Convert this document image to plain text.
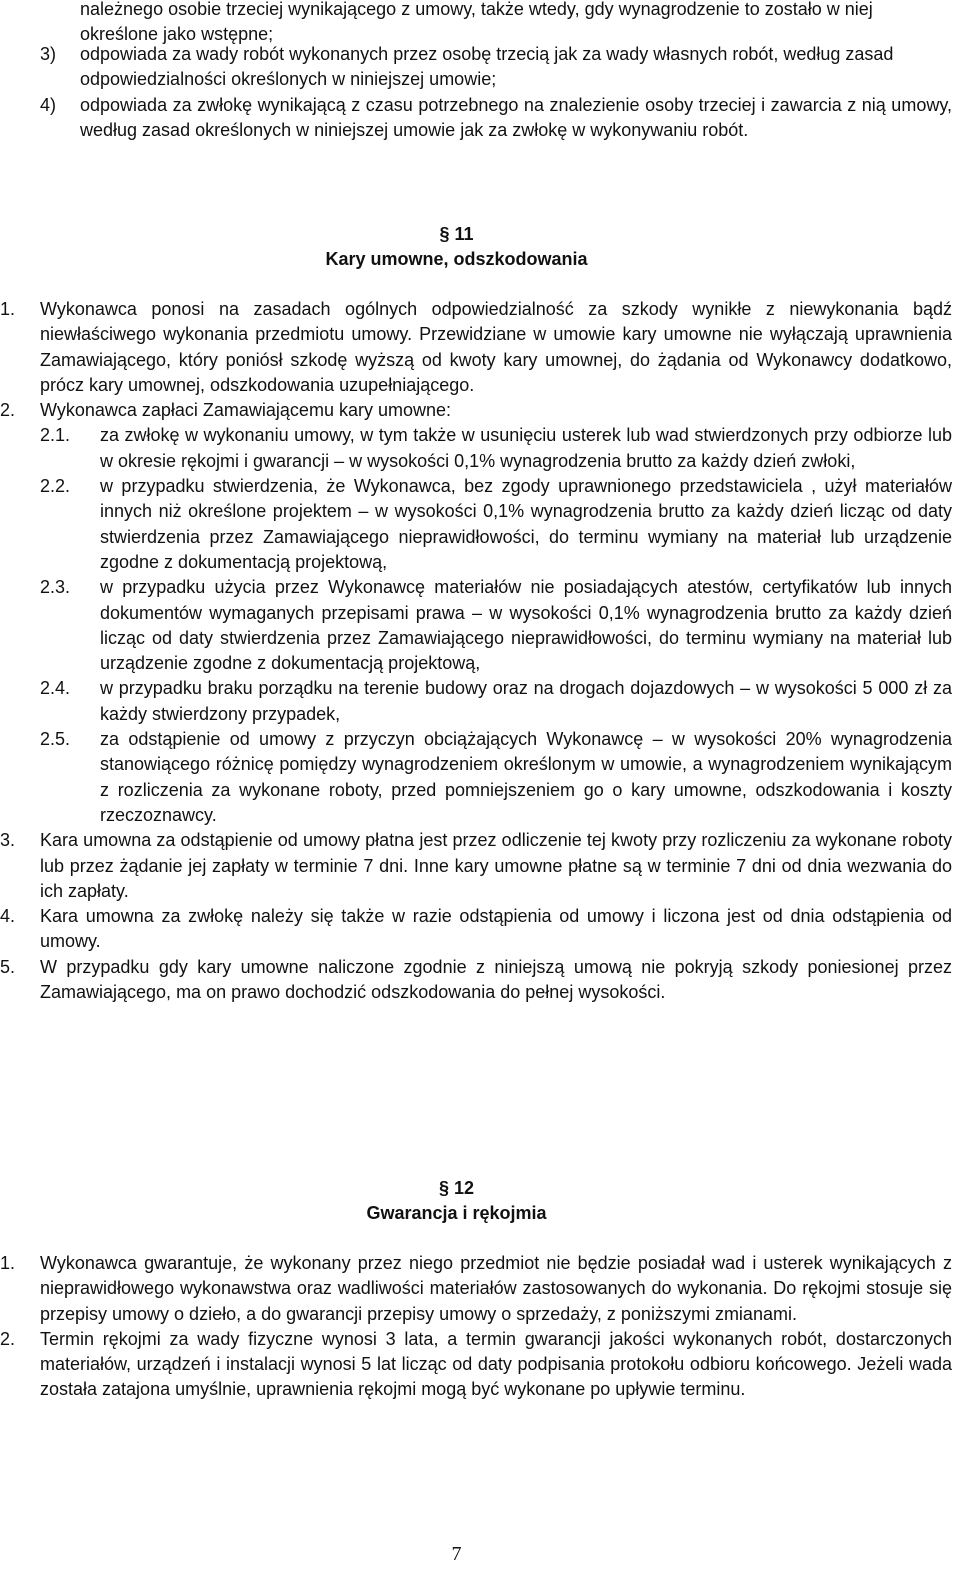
należnego osobie trzeciej wynikającego z umowy, także wtedy, gdy wynagrodzenie to zostało w niej określone jako wstępne;
3)	odpowiada za wady robót wykonanych przez osobę trzecią jak za wady własnych robót, według zasad odpowiedzialności określonych w niniejszej umowie;
4)	odpowiada za zwłokę wynikającą z czasu potrzebnego na znalezienie osoby trzeciej i zawarcia z nią umowy, według zasad określonych w niniejszej umowie jak za zwłokę w wykonywaniu robót.
§ 11
Kary umowne, odszkodowania
1.	Wykonawca ponosi na zasadach ogólnych odpowiedzialność za szkody wynikłe z niewykonania bądź niewłaściwego wykonania przedmiotu umowy. Przewidziane w umowie kary umowne nie wyłączają uprawnienia Zamawiającego, który poniósł szkodę wyższą od kwoty kary umownej, do żądania od Wykonawcy dodatkowo, prócz kary umownej, odszkodowania uzupełniającego.
2.	Wykonawca zapłaci Zamawiającemu kary umowne:
2.1.	za zwłokę w wykonaniu umowy, w tym także w usunięciu usterek lub wad stwierdzonych przy odbiorze lub w okresie rękojmi i gwarancji – w wysokości 0,1% wynagrodzenia brutto za każdy dzień zwłoki,
2.2.	w przypadku stwierdzenia, że Wykonawca, bez zgody uprawnionego przedstawiciela , użył materiałów innych niż określone projektem – w wysokości 0,1% wynagrodzenia brutto za każdy dzień licząc od daty stwierdzenia przez Zamawiającego nieprawidłowości, do terminu wymiany na materiał lub urządzenie zgodne z dokumentacją projektową,
2.3.	w przypadku użycia przez Wykonawcę materiałów nie posiadających atestów, certyfikatów lub innych dokumentów wymaganych przepisami prawa – w wysokości 0,1% wynagrodzenia brutto za każdy dzień licząc od daty stwierdzenia przez Zamawiającego nieprawidłowości, do terminu wymiany na materiał lub urządzenie zgodne z dokumentacją projektową,
2.4.	w przypadku braku porządku na terenie budowy oraz na drogach dojazdowych – w wysokości 5 000 zł za każdy stwierdzony przypadek,
2.5.	za odstąpienie od umowy z przyczyn obciążających Wykonawcę – w wysokości 20% wynagrodzenia stanowiącego różnicę pomiędzy wynagrodzeniem określonym w umowie, a wynagrodzeniem wynikającym z rozliczenia za wykonane roboty, przed pomniejszeniem go o kary umowne, odszkodowania i koszty rzeczoznawcy.
3.	Kara umowna za odstąpienie od umowy płatna jest przez odliczenie tej kwoty przy rozliczeniu za wykonane roboty lub przez żądanie jej zapłaty w terminie 7 dni. Inne kary umowne płatne są w terminie 7 dni od dnia wezwania do ich zapłaty.
4.	Kara umowna za zwłokę należy się także w razie odstąpienia od umowy i liczona jest od dnia odstąpienia od umowy.
5.	W przypadku gdy kary umowne naliczone zgodnie z niniejszą umową nie pokryją szkody poniesionej przez Zamawiającego, ma on prawo dochodzić odszkodowania do pełnej wysokości.
§ 12
Gwarancja i rękojmia
1.	Wykonawca gwarantuje, że wykonany przez niego przedmiot nie będzie posiadał wad i usterek wynikających z nieprawidłowego wykonawstwa oraz wadliwości materiałów zastosowanych do wykonania. Do rękojmi stosuje się przepisy umowy o dzieło, a do gwarancji przepisy umowy o sprzedaży, z poniższymi zmianami.
2.	Termin rękojmi za wady fizyczne wynosi 3 lata, a termin gwarancji jakości wykonanych robót, dostarczonych materiałów, urządzeń i instalacji wynosi 5 lat licząc od daty podpisania protokołu odbioru końcowego. Jeżeli wada została zatajona umyślnie, uprawnienia rękojmi mogą być wykonane po upływie terminu.
7
